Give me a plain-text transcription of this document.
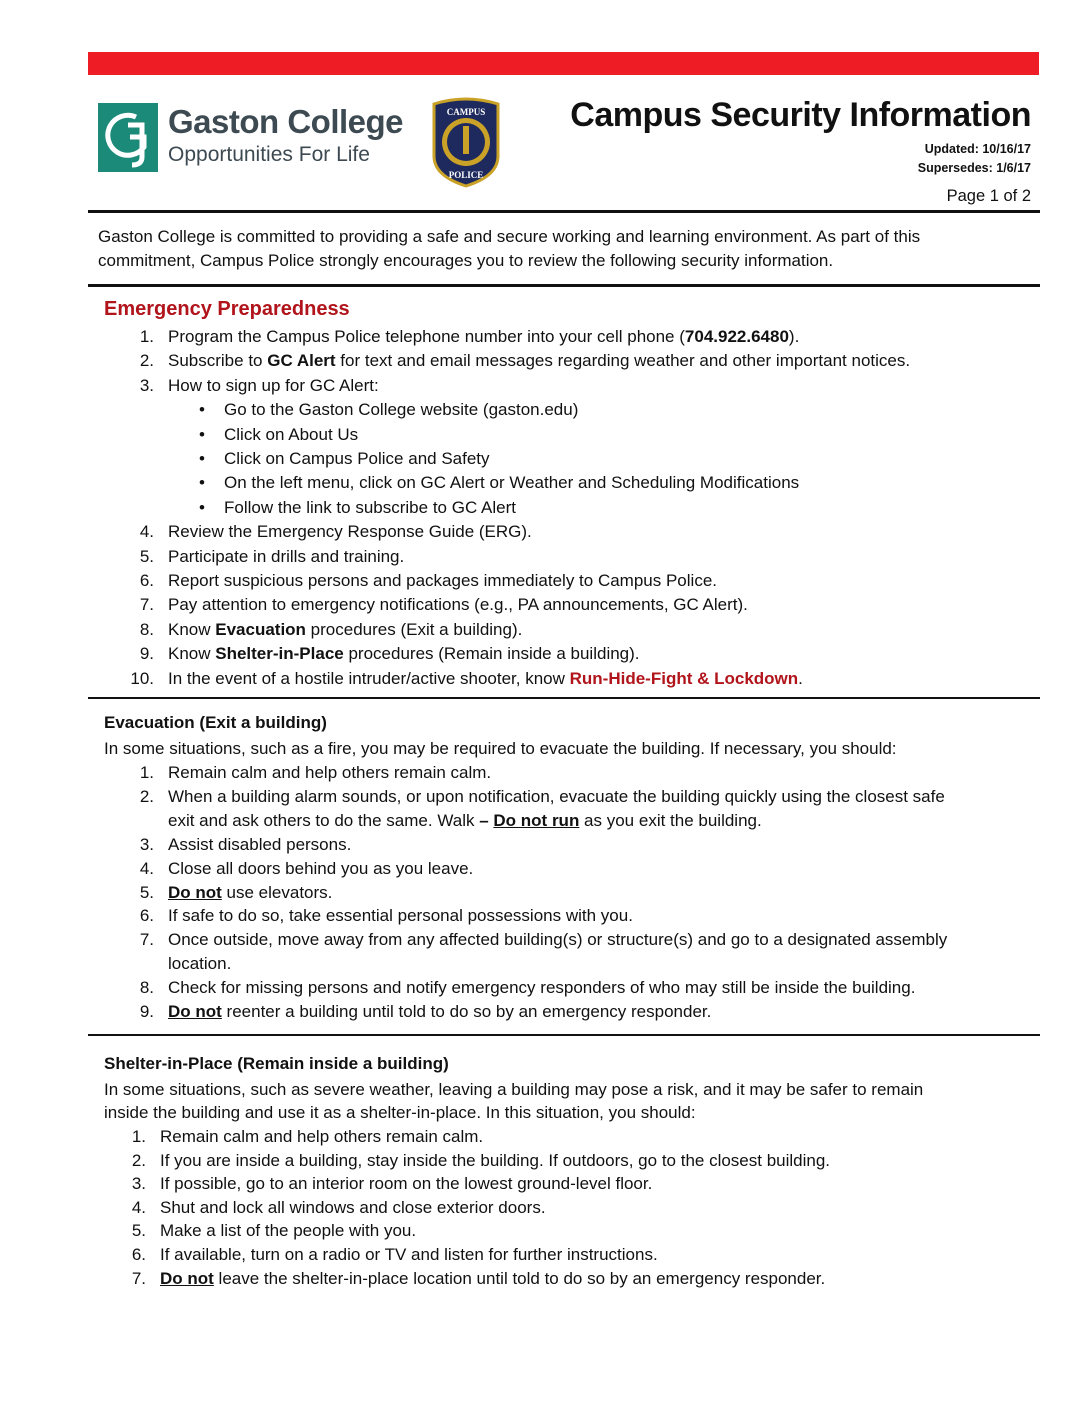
Gaston College
Opportunities For Life
CAMPUS
POLICE
Campus Security Information
Updated: 10/16/17
Supersedes: 1/6/17
Page 1 of 2
Gaston College is committed to providing a safe and secure working and learning environment. As part of this commitment, Campus Police strongly encourages you to review the following security information.
Emergency Preparedness
1. Program the Campus Police telephone number into your cell phone (704.922.6480).
2. Subscribe to GC Alert for text and email messages regarding weather and other important notices.
3. How to sign up for GC Alert:
• Go to the Gaston College website (gaston.edu)
• Click on About Us
• Click on Campus Police and Safety
• On the left menu, click on GC Alert or Weather and Scheduling Modifications
• Follow the link to subscribe to GC Alert
4. Review the Emergency Response Guide (ERG).
5. Participate in drills and training.
6. Report suspicious persons and packages immediately to Campus Police.
7. Pay attention to emergency notifications (e.g., PA announcements, GC Alert).
8. Know Evacuation procedures (Exit a building).
9. Know Shelter-in-Place procedures (Remain inside a building).
10. In the event of a hostile intruder/active shooter, know Run-Hide-Fight & Lockdown.
Evacuation (Exit a building)
In some situations, such as a fire, you may be required to evacuate the building. If necessary, you should:
1. Remain calm and help others remain calm.
2. When a building alarm sounds, or upon notification, evacuate the building quickly using the closest safe
exit and ask others to do the same. Walk – Do not run as you exit the building.
3. Assist disabled persons.
4. Close all doors behind you as you leave.
5. Do not use elevators.
6. If safe to do so, take essential personal possessions with you.
7. Once outside, move away from any affected building(s) or structure(s) and go to a designated assembly
location.
8. Check for missing persons and notify emergency responders of who may still be inside the building.
9. Do not reenter a building until told to do so by an emergency responder.
Shelter-in-Place (Remain inside a building)
In some situations, such as severe weather, leaving a building may pose a risk, and it may be safer to remain
inside the building and use it as a shelter-in-place. In this situation, you should:
1. Remain calm and help others remain calm.
2. If you are inside a building, stay inside the building. If outdoors, go to the closest building.
3. If possible, go to an interior room on the lowest ground-level floor.
4. Shut and lock all windows and close exterior doors.
5. Make a list of the people with you.
6. If available, turn on a radio or TV and listen for further instructions.
7. Do not leave the shelter-in-place location until told to do so by an emergency responder.
